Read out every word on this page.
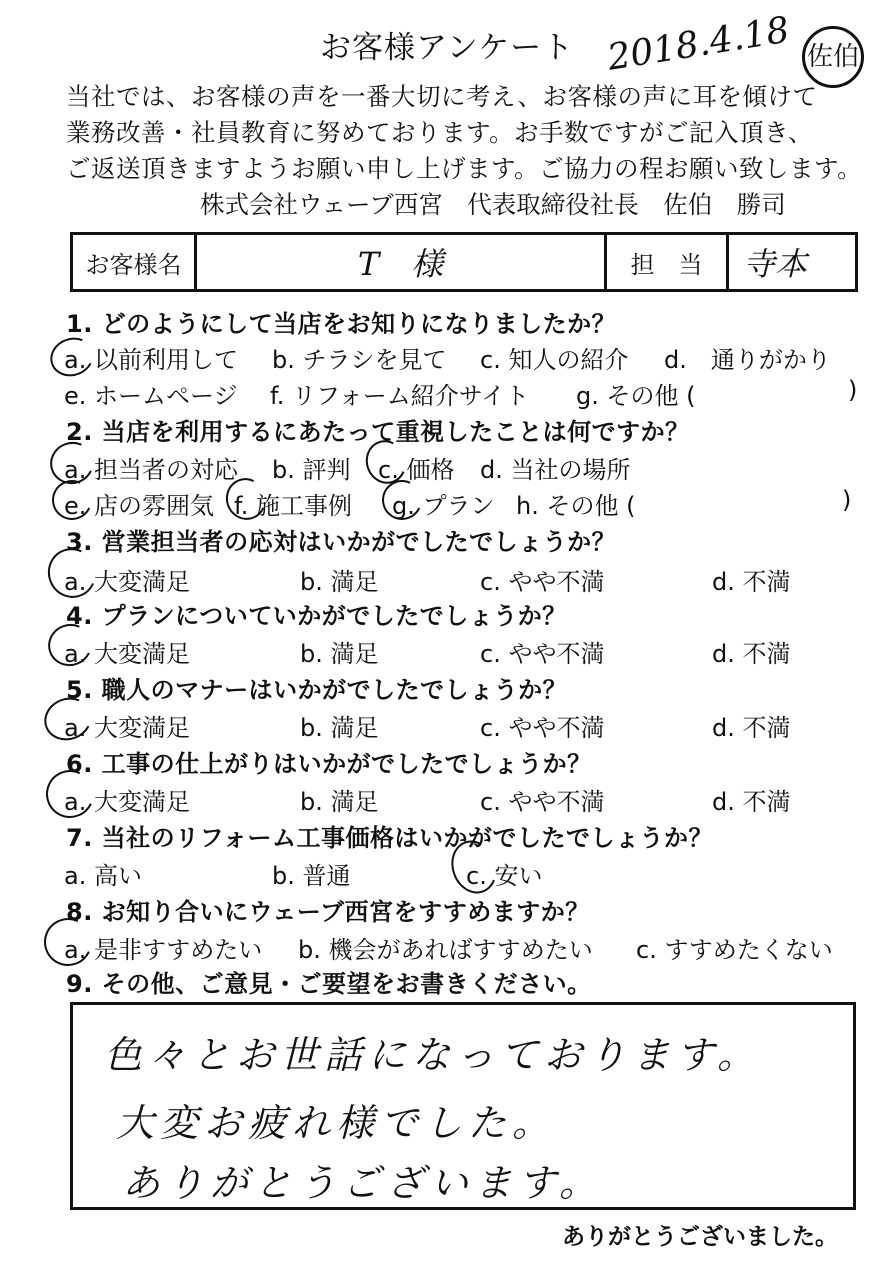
お客様アンケート 2018.4.18 佐伯
当社では、お客様の声を一番大切に考え、お客様の声に耳を傾けて
業務改善・社員教育に努めております。お手数ですがご記入頂き、
ご返送頂きますようお願い申し上げます。ご協力の程お願い致します。
株式会社ウェーブ西宮　代表取締役社長　佐伯　勝司
お客様名	T　様	担　当	寺本
1. どのようにして当店をお知りになりましたか？
a. 以前利用して b. チラシを見て c. 知人の紹介 d.　通りがかり
e. ホームページ f. リフォーム紹介サイト g. その他 (	)
2. 当店を利用するにあたって重視したことは何ですか？
a. 担当者の対応 b. 評判 c. 価格 d. 当社の場所
e. 店の雰囲気 f. 施工事例 g. プラン h. その他 (	)
3. 営業担当者の応対はいかがでしたでしょうか？
a. 大変満足	b. 満足	c. やや不満	d. 不満
4. プランについていかがでしたでしょうか？
a. 大変満足	b. 満足	c. やや不満	d. 不満
5. 職人のマナーはいかがでしたでしょうか？
a. 大変満足	b. 満足	c. やや不満	d. 不満
6. 工事の仕上がりはいかがでしたでしょうか？
a. 大変満足	b. 満足	c. やや不満	d. 不満
7. 当社のリフォーム工事価格はいかがでしたでしょうか？
a. 高い	b. 普通	c. 安い
8. お知り合いにウェーブ西宮をすすめますか？
a. 是非すすめたい b. 機会があればすすめたい c. すすめたくない
9. その他、ご意見・ご要望をお書きください。
色々とお世話になっております。
大変お疲れ様でした。
ありがとうございます。
ありがとうございました。
